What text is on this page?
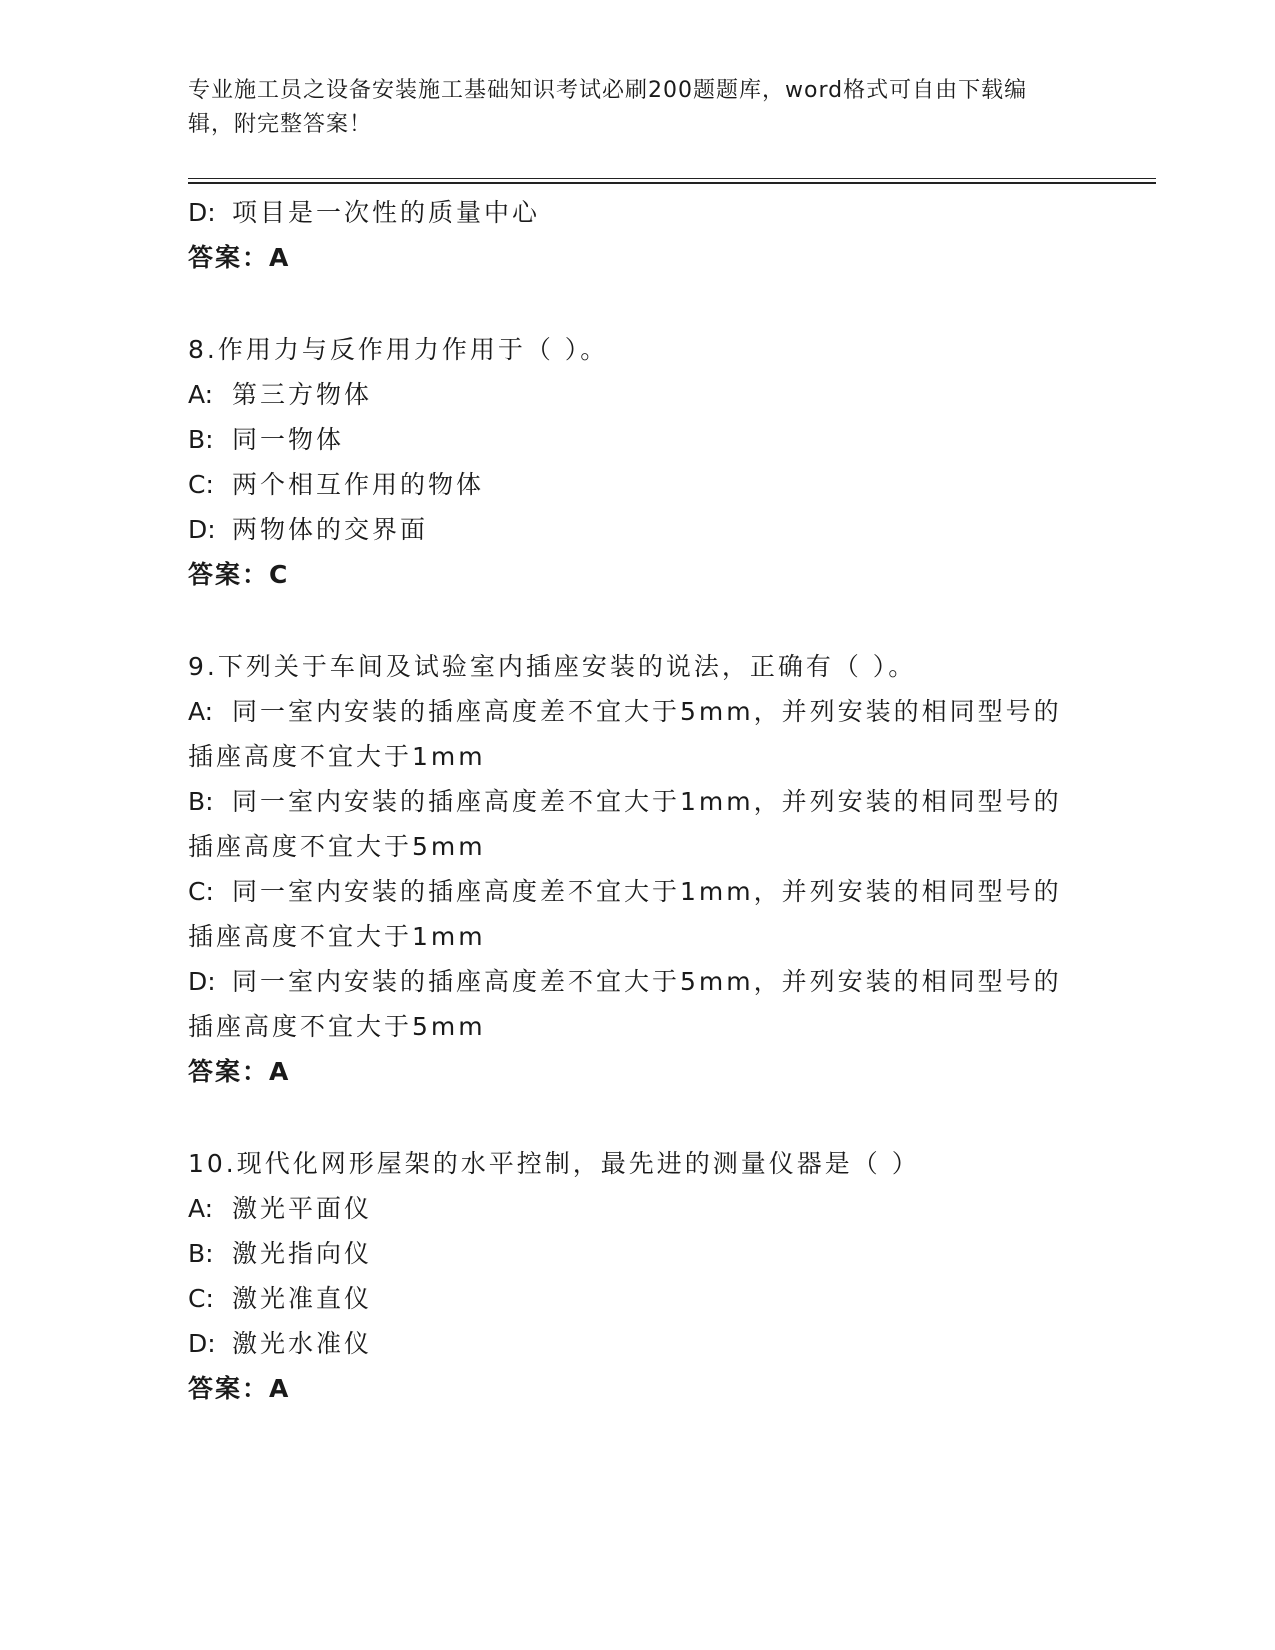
专业施工员之设备安装施工基础知识考试必刷200题题库，word格式可自由下载编辑，附完整答案！
D: 项目是一次性的质量中心
答案：A
8.作用力与反作用力作用于（ ）。
A: 第三方物体
B: 同一物体
C: 两个相互作用的物体
D: 两物体的交界面
答案：C
9.下列关于车间及试验室内插座安装的说法，正确有（ ）。
A: 同一室内安装的插座高度差不宜大于5mm，并列安装的相同型号的插座高度不宜大于1mm
B: 同一室内安装的插座高度差不宜大于1mm，并列安装的相同型号的插座高度不宜大于5mm
C: 同一室内安装的插座高度差不宜大于1mm，并列安装的相同型号的插座高度不宜大于1mm
D: 同一室内安装的插座高度差不宜大于5mm，并列安装的相同型号的插座高度不宜大于5mm
答案：A
10.现代化网形屋架的水平控制，最先进的测量仪器是（ ）
A: 激光平面仪
B: 激光指向仪
C: 激光准直仪
D: 激光水准仪
答案：A
